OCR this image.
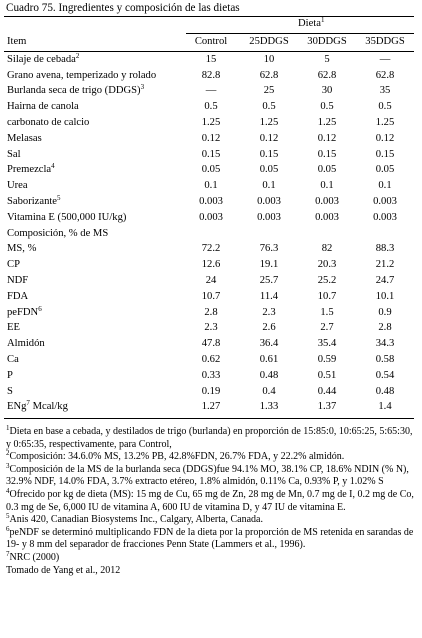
Cuadro 75. Ingredientes y composición de las dietas
Dieta$^1$
Item	Control	25DDGS	30DDGS	35DDGS
Silaje de cebada$^2$	15	10	5	—
Grano avena, temperizado y rolado	82.8	62.8	62.8	62.8
Burlanda seca de trigo (DDGS)$^3$	—	25	30	35
Hairna de canola	0.5	0.5	0.5	0.5
carbonato de calcio	1.25	1.25	1.25	1.25
Melasas	0.12	0.12	0.12	0.12
Sal	0.15	0.15	0.15	0.15
Premezcla$^4$	0.05	0.05	0.05	0.05
Urea	0.1	0.1	0.1	0.1
Saborizante$^5$	0.003	0.003	0.003	0.003
Vitamina E (500,000 IU/kg)	0.003	0.003	0.003	0.003
Composición, % de MS				
MS, %	72.2	76.3	82	88.3
CP	12.6	19.1	20.3	21.2
NDF	24	25.7	25.2	24.7
FDA	10.7	11.4	10.7	10.1
peFDN$^6$	2.8	2.3	1.5	0.9
EE	2.3	2.6	2.7	2.8
Almidón	47.8	36.4	35.4	34.3
Ca	0.62	0.61	0.59	0.58
P	0.33	0.48	0.51	0.54
S	0.19	0.4	0.44	0.48
ENg$^7$ Mcal/kg	1.27	1.33	1.37	1.4

$^1$Dieta en base a cebada, y destilados de trigo (burlanda) en proporción de 15:85:0, 10:65:25, 5:65:30, y 0:65:35, respectivamente, para Control,

$^2$Composición: 34.6.0% MS, 13.2% PB, 42.8%FDN, 26.7% FDA, y 22.2% almidón.

$^3$Composición de la MS de la burlanda seca (DDGS)fue 94.1% MO, 38.1% CP, 18.6% NDIN (% N), 32.9% NDF, 14.0% FDA, 3.7% extracto etéreo, 1.8% almidón, 0.11% Ca, 0.93% P, y 1.02% S

$^4$Ofrecido por kg de dieta (MS): 15 mg de Cu, 65 mg de Zn, 28 mg de Mn, 0.7 mg de I, 0.2 mg de Co, 0.3 mg de Se, 6,000 IU de vitamina A, 600 IU de vitamina D, y 47 IU de vitamina E.

$^5$Anis 420, Canadian Biosystems Inc., Calgary, Alberta, Canada.

$^6$peNDF se determinó multiplicando FDN de la dieta por la proporción de MS retenida en sarandas de 19- y 8 mm del separador de fracciones Penn State (Lammers et al., 1996).

$^7$NRC (2000)

Tomado de Yang et al., 2012
